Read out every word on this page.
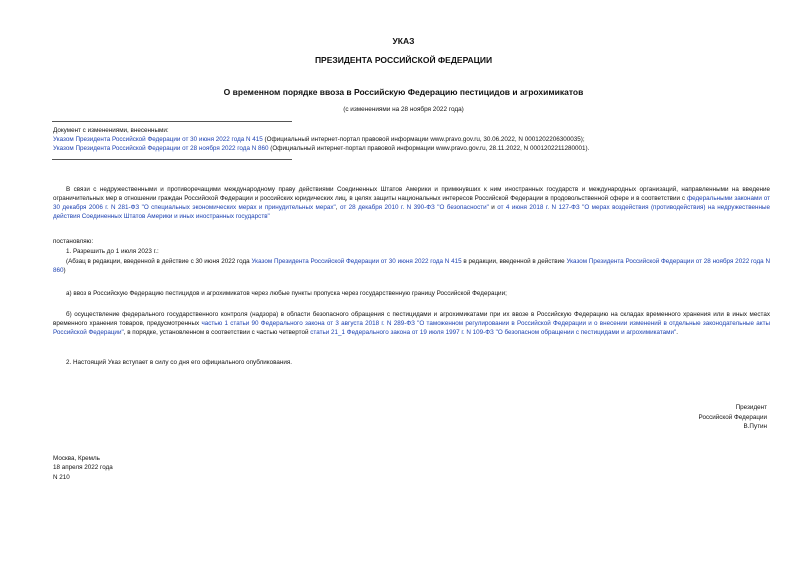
УКАЗ
ПРЕЗИДЕНТА РОССИЙСКОЙ ФЕДЕРАЦИИ
О временном порядке ввоза в Российскую Федерацию пестицидов и агрохимикатов
(с изменениями на 28 ноября 2022 года)
Документ с изменениями, внесенными:
Указом Президента Российской Федерации от 30 июня 2022 года N 415 (Официальный интернет-портал правовой информации www.pravo.gov.ru, 30.06.2022, N 0001202206300035);
Указом Президента Российской Федерации от 28 ноября 2022 года N 860 (Официальный интернет-портал правовой информации www.pravo.gov.ru, 28.11.2022, N 0001202211280001).
В связи с недружественными и противоречащими международному праву действиями Соединенных Штатов Америки и примкнувших к ним иностранных государств и международных организаций, направленными на введение ограничительных мер в отношении граждан Российской Федерации и российских юридических лиц, в целях защиты национальных интересов Российской Федерации в продовольственной сфере и в соответствии с федеральными законами от 30 декабря 2006 г. N 281-ФЗ "О специальных экономических мерах и принудительных мерах", от 28 декабря 2010 г. N 390-ФЗ "О безопасности" и от 4 июня 2018 г. N 127-ФЗ "О мерах воздействия (противодействия) на недружественные действия Соединенных Штатов Америки и иных иностранных государств"
постановляю:
1. Разрешить до 1 июля 2023 г.:
(Абзац в редакции, введенной в действие с 30 июня 2022 года Указом Президента Российской Федерации от 30 июня 2022 года N 415 в редакции, введенной в действие Указом Президента Российской Федерации от 28 ноября 2022 года N 860)
а) ввоз в Российскую Федерацию пестицидов и агрохимикатов через любые пункты пропуска через государственную границу Российской Федерации;
б) осуществление федерального государственного контроля (надзора) в области безопасного обращения с пестицидами и агрохимикатами при их ввозе в Российскую Федерацию на складах временного хранения или в иных местах временного хранения товаров, предусмотренных частью 1 статьи 90 Федерального закона от 3 августа 2018 г. N 289-ФЗ "О таможенном регулировании в Российской Федерации и о внесении изменений в отдельные законодательные акты Российской Федерации", в порядке, установленном в соответствии с частью четвертой статьи 21_1 Федерального закона от 19 июля 1997 г. N 109-ФЗ "О безопасном обращении с пестицидами и агрохимикатами".
2. Настоящий Указ вступает в силу со дня его официального опубликования.
Президент
Российской Федерации
В.Путин
Москва, Кремль
18 апреля 2022 года
N 210
